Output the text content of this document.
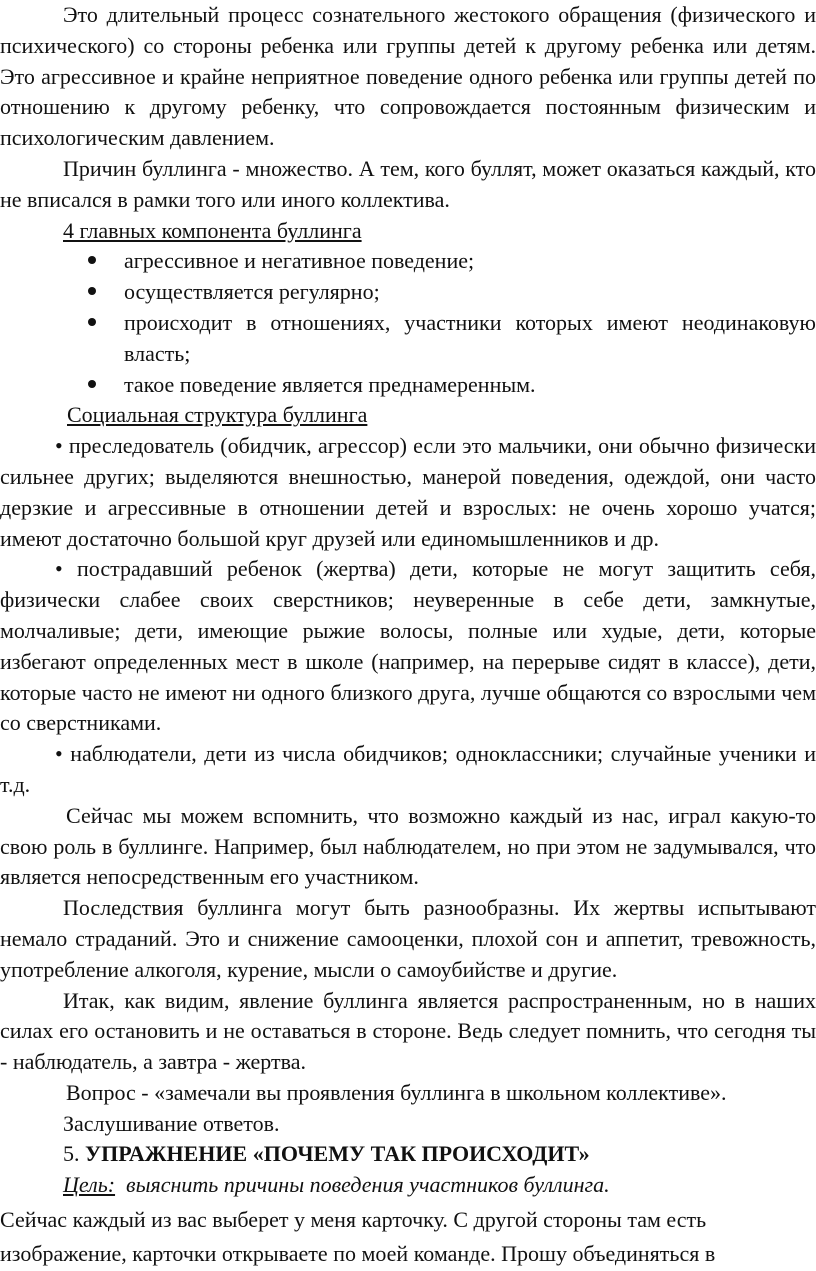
Это длительный процесс сознательного жестокого обращения (физического и психического) со стороны ребенка или группы детей к другому ребенка или детям. Это агрессивное и крайне неприятное поведение одного ребенка или группы детей по отношению к другому ребенку, что сопровождается постоянным физическим и психологическим давлением.

Причин буллинга - множество. А тем, кого буллят, может оказаться каждый, кто не вписался в рамки того или иного коллектива.

4 главных компонента буллинга

агрессивное и негативное поведение;
осуществляется регулярно;
происходит в отношениях, участники которых имеют неодинаковую власть;
такое поведение является преднамеренным.

Социальная структура буллинга

• преследователь (обидчик, агрессор) если это мальчики, они обычно физически сильнее других; выделяются внешностью, манерой поведения, одеждой, они часто дерзкие и агрессивные в отношении детей и взрослых: не очень хорошо учатся; имеют достаточно большой круг друзей или единомышленников и др.

• пострадавший ребенок (жертва) дети, которые не могут защитить себя, физически слабее своих сверстников; неуверенные в себе дети, замкнутые, молчаливые; дети, имеющие рыжие волосы, полные или худые, дети, которые избегают определенных мест в школе (например, на перерыве сидят в классе), дети, которые часто не имеют ни одного близкого друга, лучше общаются со взрослыми чем со сверстниками.

• наблюдатели, дети из числа обидчиков; одноклассники; случайные ученики и т.д.

Сейчас мы можем вспомнить, что возможно каждый из нас, играл какую-то свою роль в буллинге. Например, был наблюдателем, но при этом не задумывался, что является непосредственным его участником.

Последствия буллинга могут быть разнообразны. Их жертвы испытывают немало страданий. Это и снижение самооценки, плохой сон и аппетит, тревожность, употребление алкоголя, курение, мысли о самоубийстве и другие.

Итак, как видим, явление буллинга является распространенным, но в наших силах его остановить и не оставаться в стороне. Ведь следует помнить, что сегодня ты - наблюдатель, а завтра - жертва.

Вопрос - «замечали вы проявления буллинга в школьном коллективе».

Заслушивание ответов.

5. УПРАЖНЕНИЕ «ПОЧЕМУ ТАК ПРОИСХОДИТ»

Цель: выяснить причины поведения участников буллинга.

Сейчас каждый из вас выберет у меня карточку. С другой стороны там есть изображение, карточки открываете по моей команде. Прошу объединяться в
